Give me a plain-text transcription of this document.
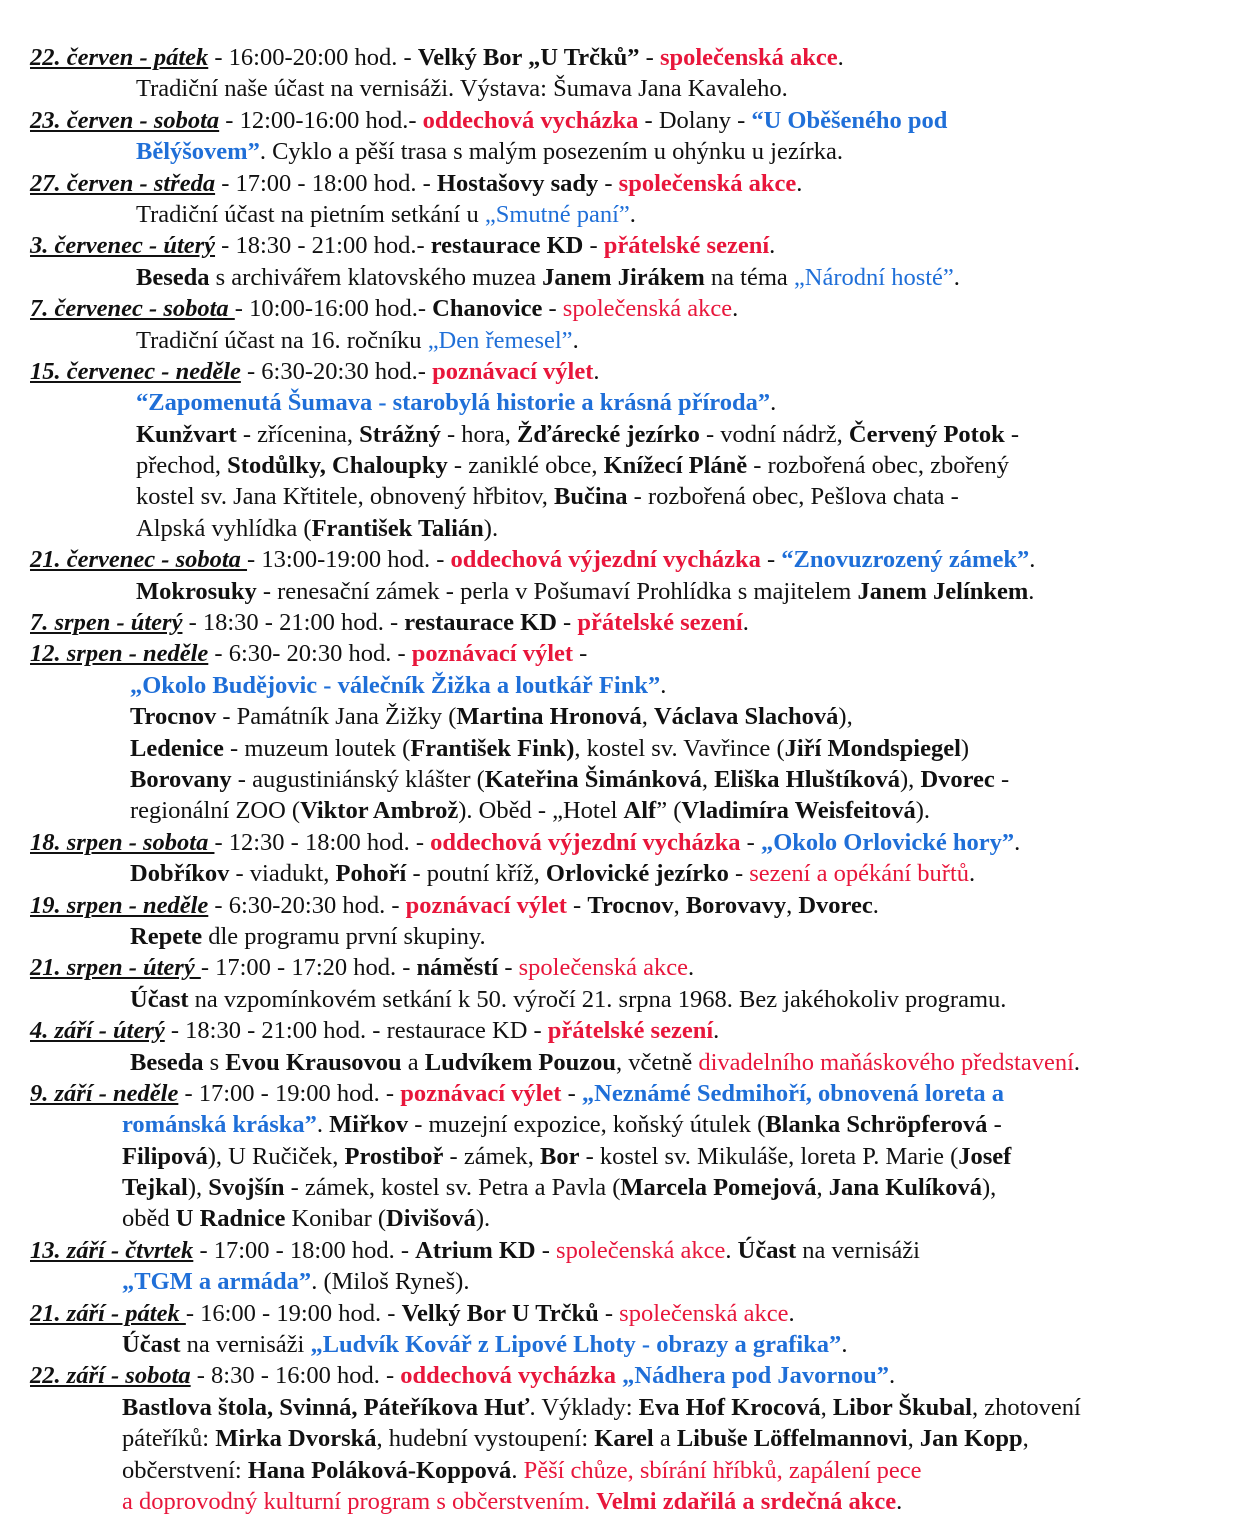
22. červen - pátek - 16:00-20:00 hod. - Velký Bor „U Trčků” - společenská akce.
Tradiční naše účast na vernisáži. Výstava: Šumava Jana Kavaleho.
23. červen - sobota - 12:00-16:00 hod.- oddechová vycházka - Dolany - “U Oběšeného pod
Bělýšovem”. Cyklo a pěší trasa s malým posezením u ohýnku u jezírka.
27. červen - středa - 17:00 - 18:00 hod. - Hostašovy sady - společenská akce.
Tradiční účast na pietním setkání u „Smutné paní”.
3. červenec - úterý - 18:30 - 21:00 hod.- restaurace KD - přátelské sezení.
Beseda s archivářem klatovského muzea Janem Jirákem na téma „Národní hosté”.
7. červenec - sobota - 10:00-16:00 hod.- Chanovice - společenská akce.
Tradiční účast na 16. ročníku „Den řemesel”.
15. červenec - neděle - 6:30-20:30 hod.- poznávací výlet.
“Zapomenutá Šumava - starobylá historie a krásná příroda”.
Kunžvart - zřícenina, Strážný - hora, Žďárecké jezírko - vodní nádrž, Červený Potok -
přechod, Stodůlky, Chaloupky - zaniklé obce, Knížecí Pláně - rozbořená obec, zbořený
kostel sv. Jana Křtitele, obnovený hřbitov, Bučina - rozbořená obec, Pešlova chata -
Alpská vyhlídka (František Talián).
21. červenec - sobota - 13:00-19:00 hod. - oddechová výjezdní vycházka - “Znovuzrozený zámek”.
Mokrosuky - renesační zámek - perla v Pošumaví Prohlídka s majitelem Janem Jelínkem.
7. srpen - úterý - 18:30 - 21:00 hod. - restaurace KD - přátelské sezení.
12. srpen - neděle - 6:30- 20:30 hod. - poznávací výlet -
„Okolo Budějovic - válečník Žižka a loutkář Fink”.
Trocnov - Památník Jana Žižky (Martina Hronová, Václava Slachová),
Ledenice - muzeum loutek (František Fink), kostel sv. Vavřince (Jiří Mondspiegel)
Borovany - augustiniánský klášter (Kateřina Šimánková, Eliška Hluštíková), Dvorec -
regionální ZOO (Viktor Ambrož). Oběd - „Hotel Alf” (Vladimíra Weisfeitová).
18. srpen - sobota - 12:30 - 18:00 hod. - oddechová výjezdní vycházka - „Okolo Orlovické hory”.
Dobříkov - viadukt, Pohoří - poutní kříž, Orlovické jezírko - sezení a opékání buřtů.
19. srpen - neděle - 6:30-20:30 hod. - poznávací výlet - Trocnov, Borovavy, Dvorec.
Repete dle programu první skupiny.
21. srpen - úterý - 17:00 - 17:20 hod. - náměstí - společenská akce.
Účast na vzpomínkovém setkání k 50. výročí 21. srpna 1968. Bez jakéhokoliv programu.
4. září - úterý - 18:30 - 21:00 hod. - restaurace KD - přátelské sezení.
Beseda s Evou Krausovou a Ludvíkem Pouzou, včetně divadelního maňáskového představení.
9. září - neděle - 17:00 - 19:00 hod. - poznávací výlet - „Neznámé Sedmihoří, obnovená loreta a
románská kráska”. Miřkov - muzejní expozice, koňský útulek (Blanka Schröpferová -
Filipová), U Ručiček, Prostiboř - zámek, Bor - kostel sv. Mikuláše, loreta P. Marie (Josef
Tejkal), Svojšín - zámek, kostel sv. Petra a Pavla (Marcela Pomejová, Jana Kulíková),
oběd U Radnice Konibar (Divišová).
13. září - čtvrtek - 17:00 - 18:00 hod. - Atrium KD - společenská akce. Účast na vernisáži
„TGM a armáda”. (Miloš Ryneš).
21. září - pátek - 16:00 - 19:00 hod. - Velký Bor U Trčků - společenská akce.
Účast na vernisáži „Ludvík Kovář z Lipové Lhoty - obrazy a grafika”.
22. září - sobota - 8:30 - 16:00 hod. - oddechová vycházka „Nádhera pod Javornou”.
Bastlova štola, Svinná, Páteříkova Huť. Výklady: Eva Hof Krocová, Libor Škubal, zhotovení
páteříků: Mirka Dvorská, hudební vystoupení: Karel a Libuše Löffelmannovi, Jan Kopp,
občerstvení: Hana Poláková-Koppová. Pěší chůze, sbírání hříbků, zapálení pece
a doprovodný kulturní program s občerstvením. Velmi zdařilá a srdečná akce.
